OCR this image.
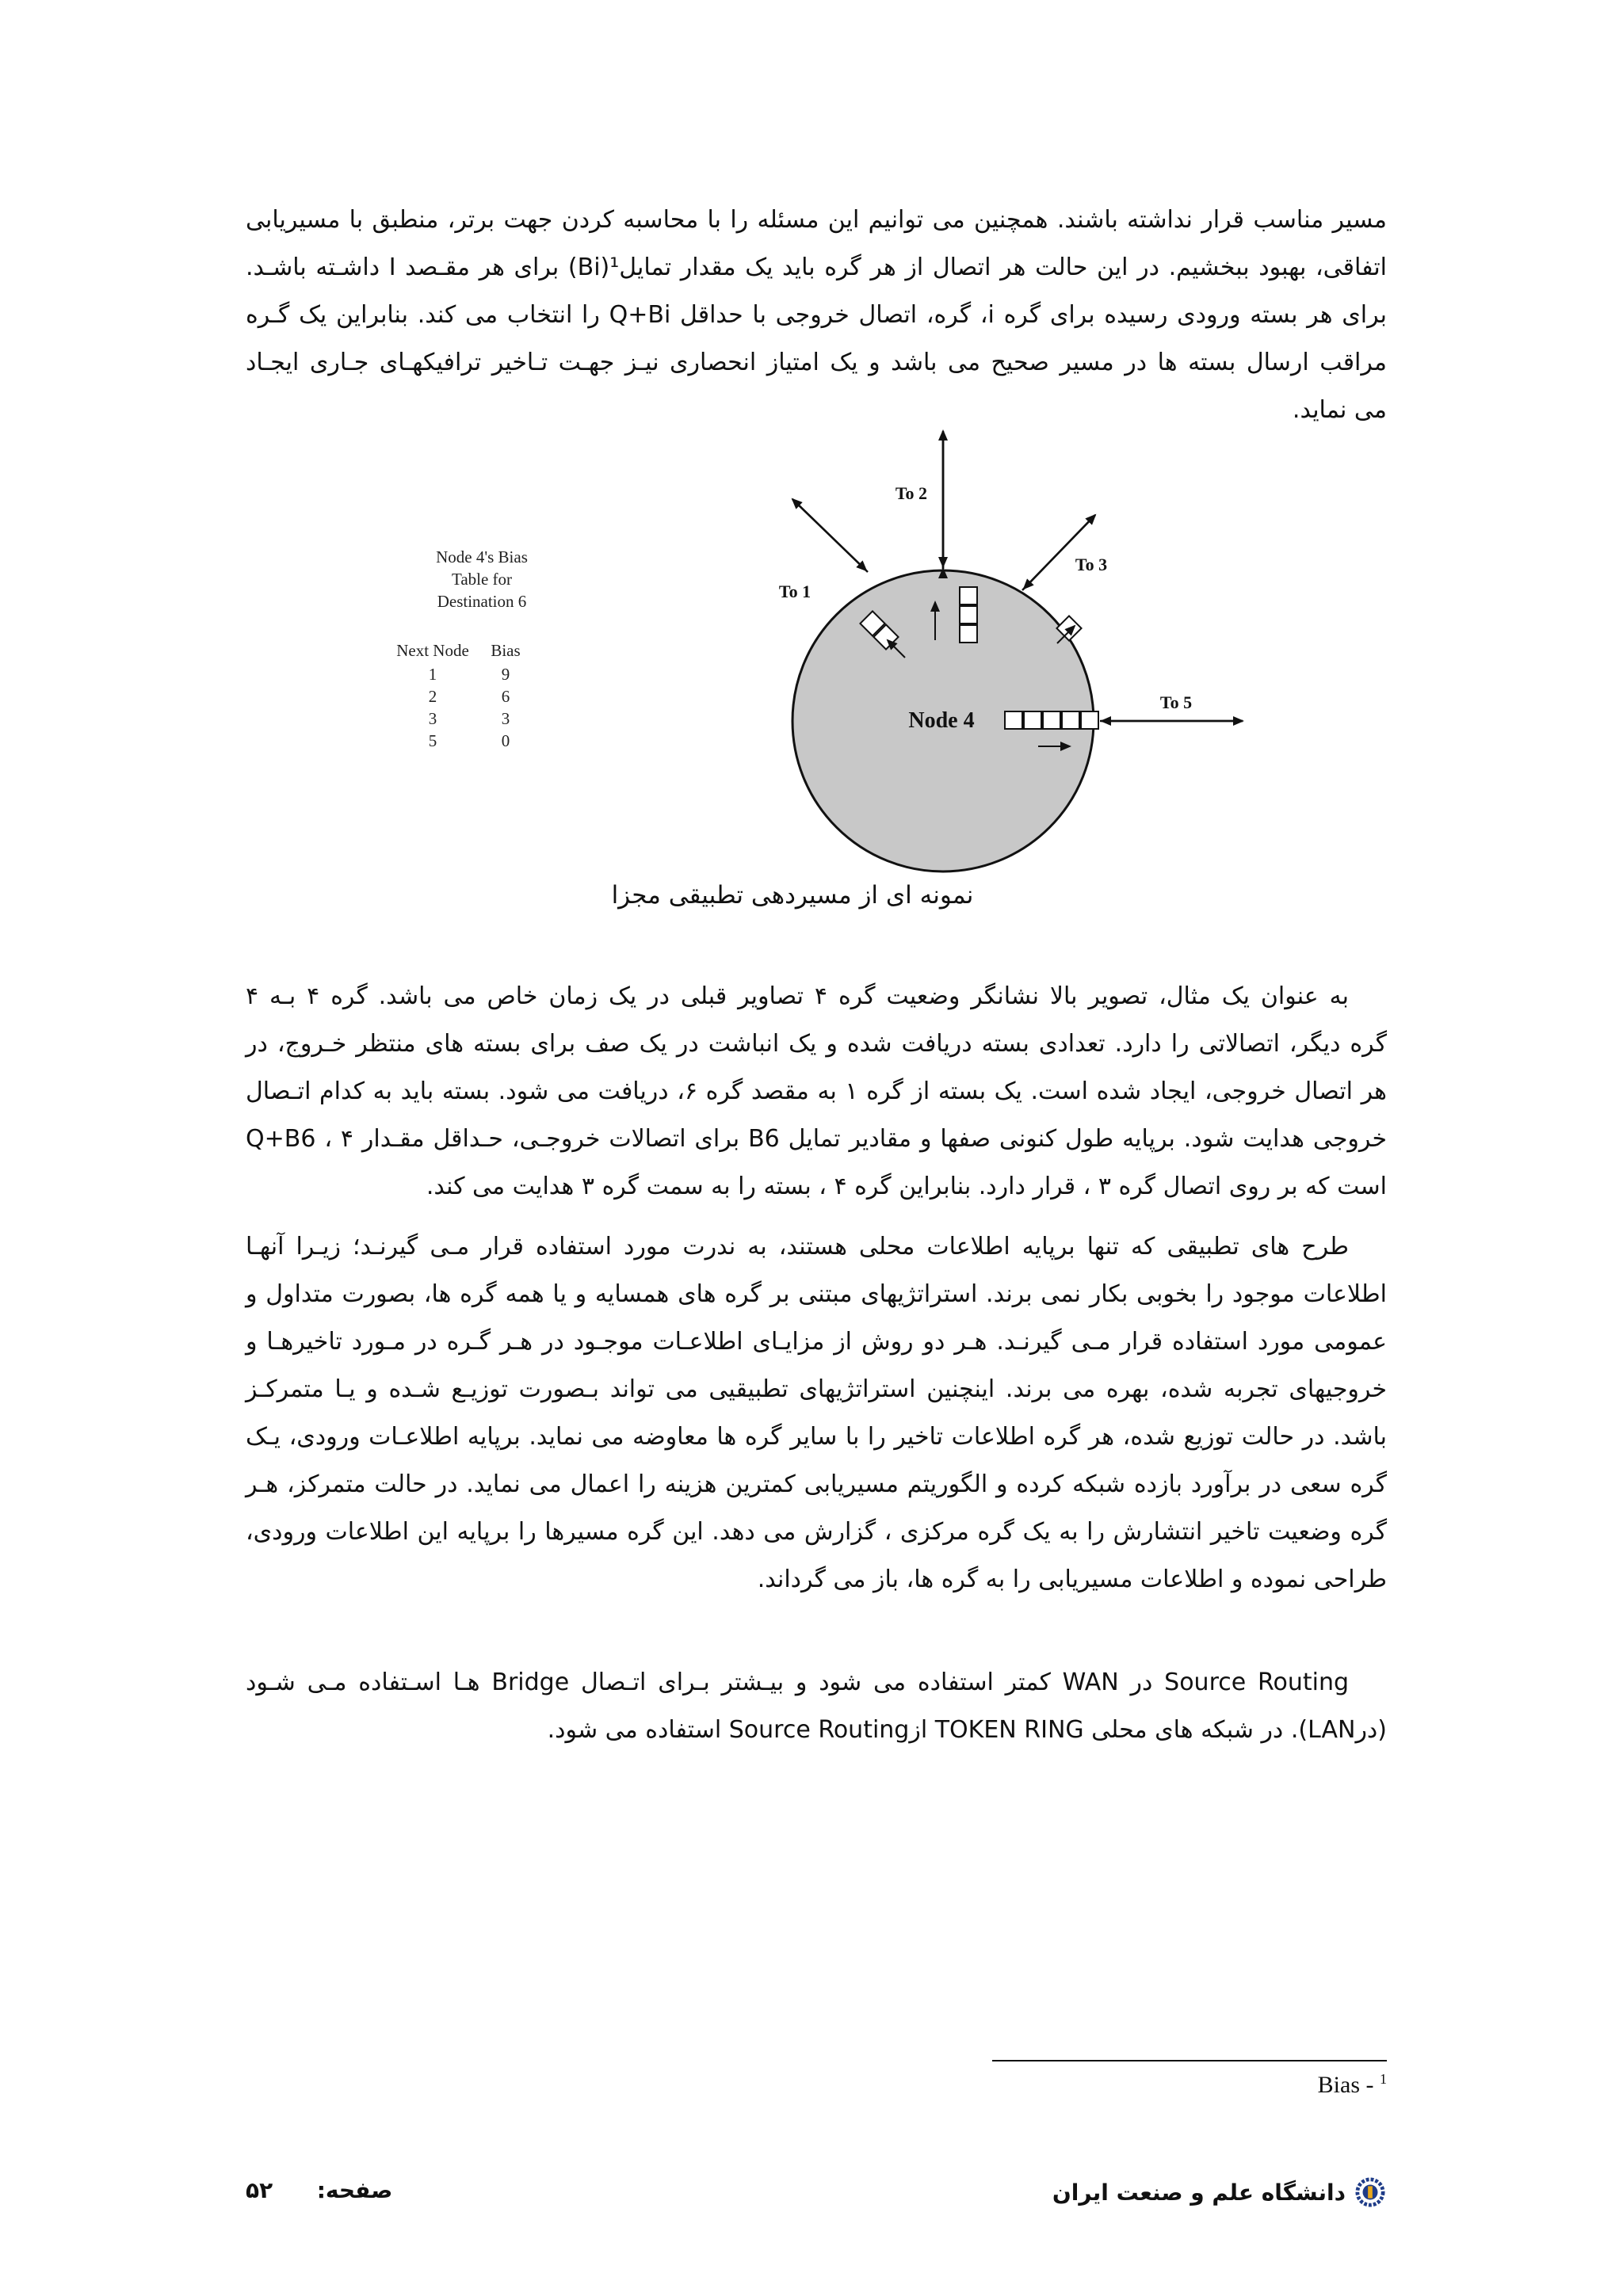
مسیر مناسب قرار نداشته باشند. همچنین می توانیم این مسئله را با محاسبه کردن جهت برتر، منطبق با مسیریابی
اتفاقی، بهبود ببخشیم. در این حالت هر اتصال از هر گره باید یک مقدار تمایل¹(Bi) برای هر مقـصد I داشـته باشـد.
برای هر بسته ورودی رسیده برای گره i، گره، اتصال خروجی با حداقل Q+Bi را انتخاب می کند. بنابراین یک گـره
مراقب ارسال بسته ها در مسیر صحیح می باشد و یک امتیاز انحصاری نیـز جهـت تـاخیر ترافیکهـای جـاری ایجـاد
می نماید.
Node 4's Bias
Table for
Destination 6
Next Node Bias
1	9
2	6
3	3
5	0
Node 4
To 2
To 1
To 3
To 5
نمونه ای از مسیردهی تطبیقی مجزا
به عنوان یک مثال، تصویر بالا نشانگر وضعیت گره ۴ تصاویر قبلی در یک زمان خاص می باشد. گره ۴ بـه ۴
گره دیگر، اتصالاتی را دارد. تعدادی بسته دریافت شده و یک انباشت در یک صف برای بسته های منتظر خـروج، در
هر اتصال خروجی، ایجاد شده است. یک بسته از گره ۱ به مقصد گره ۶، دریافت می شود. بسته باید به کدام اتـصال
خروجی هدایت شود. برپایه طول کنونی صفها و مقادیر تمایل B6 برای اتصالات خروجـی، حـداقل مقـدار Q+B6 ، ۴
است که بر روی اتصال گره ۳ ، قرار دارد. بنابراین گره ۴ ، بسته را به سمت گره ۳ هدایت می کند.
طرح های تطبیقی که تنها برپایه اطلاعات محلی هستند، به ندرت مورد استفاده قرار مـی گیرنـد؛ زیـرا آنهـا
اطلاعات موجود را بخوبی بکار نمی برند. استراتژیهای مبتنی بر گره های همسایه و یا همه گره ها، بصورت متداول و
عمومی مورد استفاده قرار مـی گیرنـد. هـر دو روش از مزایـای اطلاعـات موجـود در هـر گـره در مـورد تاخیرهـا و
خروجیهای تجربه شده، بهره می برند. اینچنین استراتژیهای تطبیقیی می تواند بـصورت توزیـع شـده و یـا متمرکـز
باشد. در حالت توزیع شده، هر گره اطلاعات تاخیر را با سایر گره ها معاوضه می نماید. برپایه اطلاعـات ورودی، یـک
گره سعی در برآورد بازده شبکه کرده و الگوریتم مسیریابی کمترین هزینه را اعمال می نماید. در حالت متمرکز، هـر
گره وضعیت تاخیر انتشارش را به یک گره مرکزی ، گزارش می دهد. این گره مسیرها را برپایه این اطلاعات ورودی،
طراحی نموده و اطلاعات مسیریابی را به گره ها، باز می گرداند.
Source Routing در WAN کمتر استفاده می شود و بیـشتر بـرای اتـصال Bridge هـا اسـتفاده مـی شـود
(درLAN). در شبکه های محلی TOKEN RING ازSource Routing استفاده می شود.
Bias - $^1$
دانشگاه علم و صنعت ایران
صفحه:  ۵۲
